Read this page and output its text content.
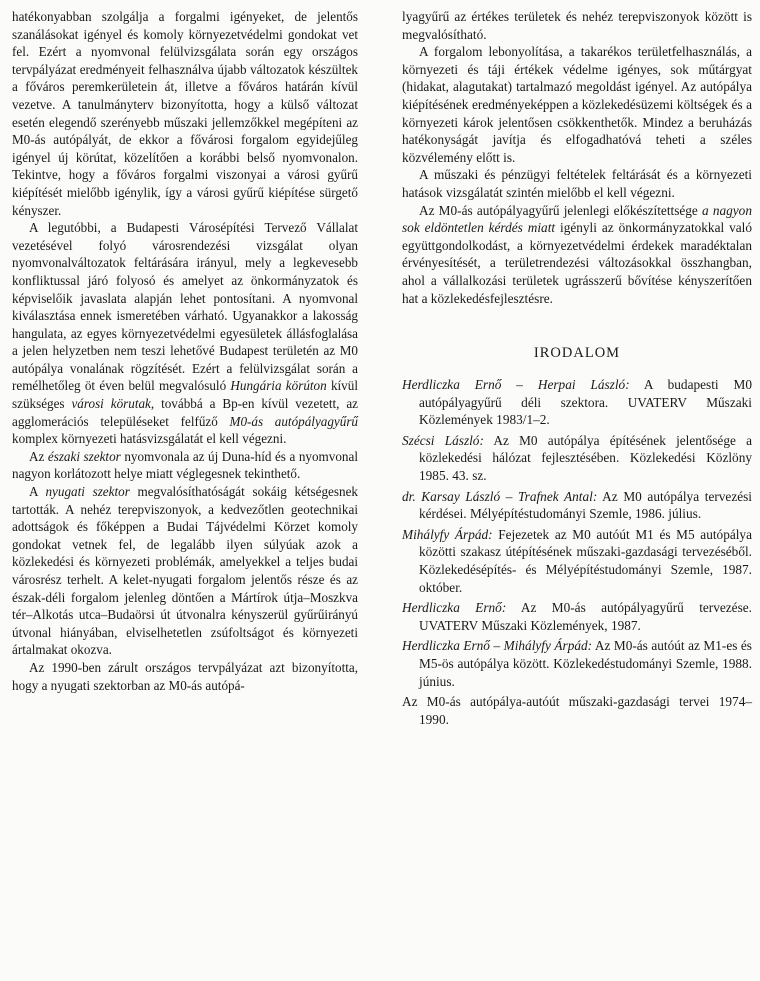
hatékonyabban szolgálja a forgalmi igényeket, de jelentős szanálásokat igényel és komoly környezetvédelmi gondokat vet fel. Ezért a nyomvonal felülvizsgálata során egy országos tervpályázat eredményeit felhasználva újabb változatok készültek a főváros peremkerületein át, illetve a főváros határán kívül vezetve. A tanulmányterv bizonyította, hogy a külső változat esetén elegendő szerényebb műszaki jellemzőkkel megépíteni az M0-ás autópályát, de ekkor a fővárosi forgalom egyidejűleg igényel új körútat, közelítően a korábbi belső nyomvonalon. Tekintve, hogy a főváros forgalmi viszonyai a városi gyűrű kiépítését mielőbb igénylik, így a városi gyűrű kiépítése sürgető kényszer.

A legutóbbi, a Budapesti Városépítési Tervező Vállalat vezetésével folyó városrendezési vizsgálat olyan nyomvonalváltozatok feltárására irányul, mely a legkevesebb konfliktussal járó folyosó és amelyet az önkormányzatok és képviselőik javaslata alapján lehet pontosítani. A nyomvonal kiválasztása ennek ismeretében várható. Ugyanakkor a lakosság hangulata, az egyes környezetvédelmi egyesületek állásfoglalása a jelen helyzetben nem teszi lehetővé Budapest területén az M0 autópálya vonalának rögzítését. Ezért a felülvizsgálat során a remélhetőleg öt éven belül megvalósuló Hungária körúton kívül szükséges városi körutak, továbbá a Bp-en kívül vezetett, az agglomerációs településeket felfűző M0-ás autópályagyűrű komplex környezeti hatásvizsgálatát el kell végezni.

Az északi szektor nyomvonala az új Duna-híd és a nyomvonal nagyon korlátozott helye miatt véglegesnek tekinthető.

A nyugati szektor megvalósíthatóságát sokáig kétségesnek tartották. A nehéz terepviszonyok, a kedvezőtlen geotechnikai adottságok és főképpen a Budai Tájvédelmi Körzet komoly gondokat vetnek fel, de legalább ilyen súlyúak azok a közlekedési és környezeti problémák, amelyekkel a teljes budai városrész terhelt. A kelet-nyugati forgalom jelentős része és az észak-déli forgalom jelenleg döntően a Mártírok útja–Moszkva tér–Alkotás utca–Budaörsi út útvonalra kényszerül gyűrűirányú útvonal hiányában, elviselhetetlen zsúfoltságot és környezeti ártalmakat okozva.

Az 1990-ben zárult országos tervpályázat azt bizonyította, hogy a nyugati szektorban az M0-ás autópá-

lyagyűrű az értékes területek és nehéz terepviszonyok között is megvalósítható.

A forgalom lebonyolítása, a takarékos területfelhasználás, a környezeti és táji értékek védelme igényes, sok műtárgyat (hidakat, alagutakat) tartalmazó megoldást igényel. Az autópálya kiépítésének eredményeképpen a közlekedésüzemi költségek és a környezeti károk jelentősen csökkenthetők. Mindez a beruházás hatékonyságát javítja és elfogadhatóvá teheti a széles közvélemény előtt is.

A műszaki és pénzügyi feltételek feltárását és a környezeti hatások vizsgálatát szintén mielőbb el kell végezni.

Az M0-ás autópályagyűrű jelenlegi előkészítettsége a nagyon sok eldöntetlen kérdés miatt igényli az önkormányzatokkal való együttgondolkodást, a környezetvédelmi érdekek maradéktalan érvényesítését, a területrendezési változásokkal összhangban, ahol a vállalkozási területek ugrásszerű bővítése kényszerítően hat a közlekedésfejlesztésre.

IRODALOM

Herdliczka Ernő – Herpai László: A budapesti M0 autópályagyűrű déli szektora. UVATERV Műszaki Közlemények 1983/1–2.

Szécsi László: Az M0 autópálya építésének jelentősége a közlekedési hálózat fejlesztésében. Közlekedési Közlöny 1985. 43. sz.

dr. Karsay László – Trafnek Antal: Az M0 autópálya tervezési kérdései. Mélyépítéstudományi Szemle, 1986. július.

Mihályfy Árpád: Fejezetek az M0 autóút M1 és M5 autópálya közötti szakasz útépítésének műszaki-gazdasági tervezéséből. Közlekedésépítés- és Mélyépítéstudományi Szemle, 1987. október.

Herdliczka Ernő: Az M0-ás autópályagyűrű tervezése. UVATERV Műszaki Közlemények, 1987.

Herdliczka Ernő – Mihályfy Árpád: Az M0-ás autóút az M1-es és M5-ös autópálya között. Közlekedéstudományi Szemle, 1988. június.

Az M0-ás autópálya-autóút műszaki-gazdasági tervei 1974–1990.
